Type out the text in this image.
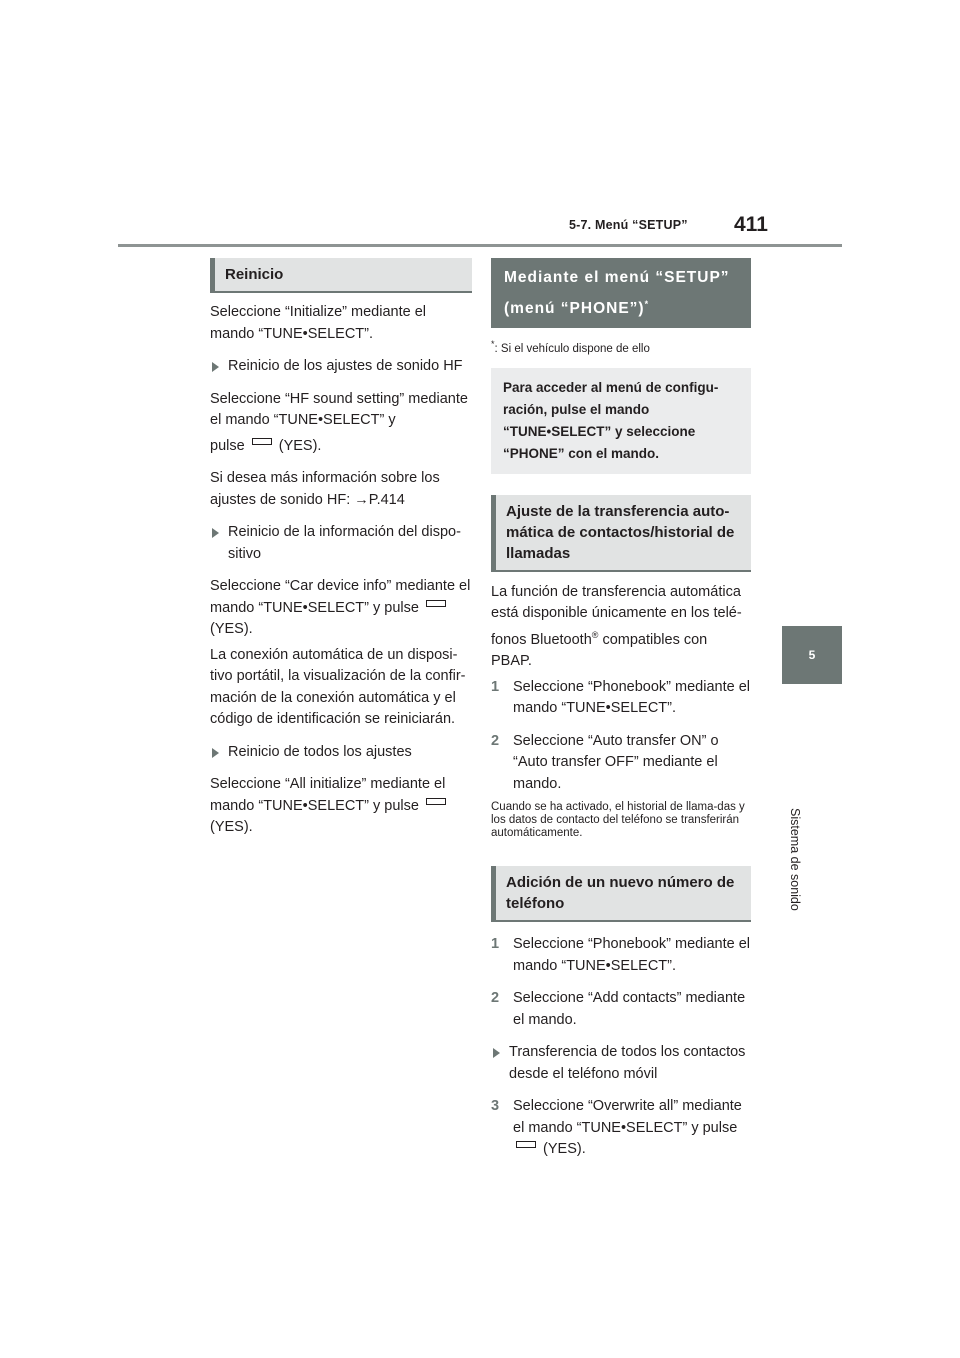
5-7. Menú “SETUP” 411
5
Sistema de sonido
Reinicio

Seleccione “Initialize” mediante el mando “TUNE•SELECT”.

Reinicio de los ajustes de sonido HF

Seleccione “HF sound setting” mediante el mando “TUNE•SELECT” y

pulse (YES).

Si desea más información sobre los ajustes de sonido HF: →P.414

Reinicio de la información del dispo-sitivo

Seleccione “Car device info” mediante el mando “TUNE•SELECT” y pulse  (YES).

La conexión automática de un disposi-tivo portátil, la visualización de la confir-mación de la conexión automática y el código de identificación se reiniciarán.

Reinicio de todos los ajustes

Seleccione “All initialize” mediante el mando “TUNE•SELECT” y pulse  (YES).

Mediante el menú “SETUP” (menú “PHONE”)*

*: Si el vehículo dispone de ello

Para acceder al menú de configu-ración, pulse el mando “TUNE•SELECT” y seleccione “PHONE” con el mando.
Ajuste de la transferencia auto-mática de contactos/historial de llamadas

La función de transferencia automática está disponible únicamente en los telé-fonos Bluetooth® compatibles con PBAP.

1 Seleccione “Phonebook” mediante el mando “TUNE•SELECT”.

2 Seleccione “Auto transfer ON” o “Auto transfer OFF” mediante el mando.

Cuando se ha activado, el historial de llama-das y los datos de contacto del teléfono se transferirán automáticamente.

Adición de un nuevo número de teléfono

1 Seleccione “Phonebook” mediante el mando “TUNE•SELECT”.

2 Seleccione “Add contacts” mediante el mando.

Transferencia de todos los contactos desde el teléfono móvil

3 Seleccione “Overwrite all” mediante el mando “TUNE•SELECT” y pulse
(YES).
